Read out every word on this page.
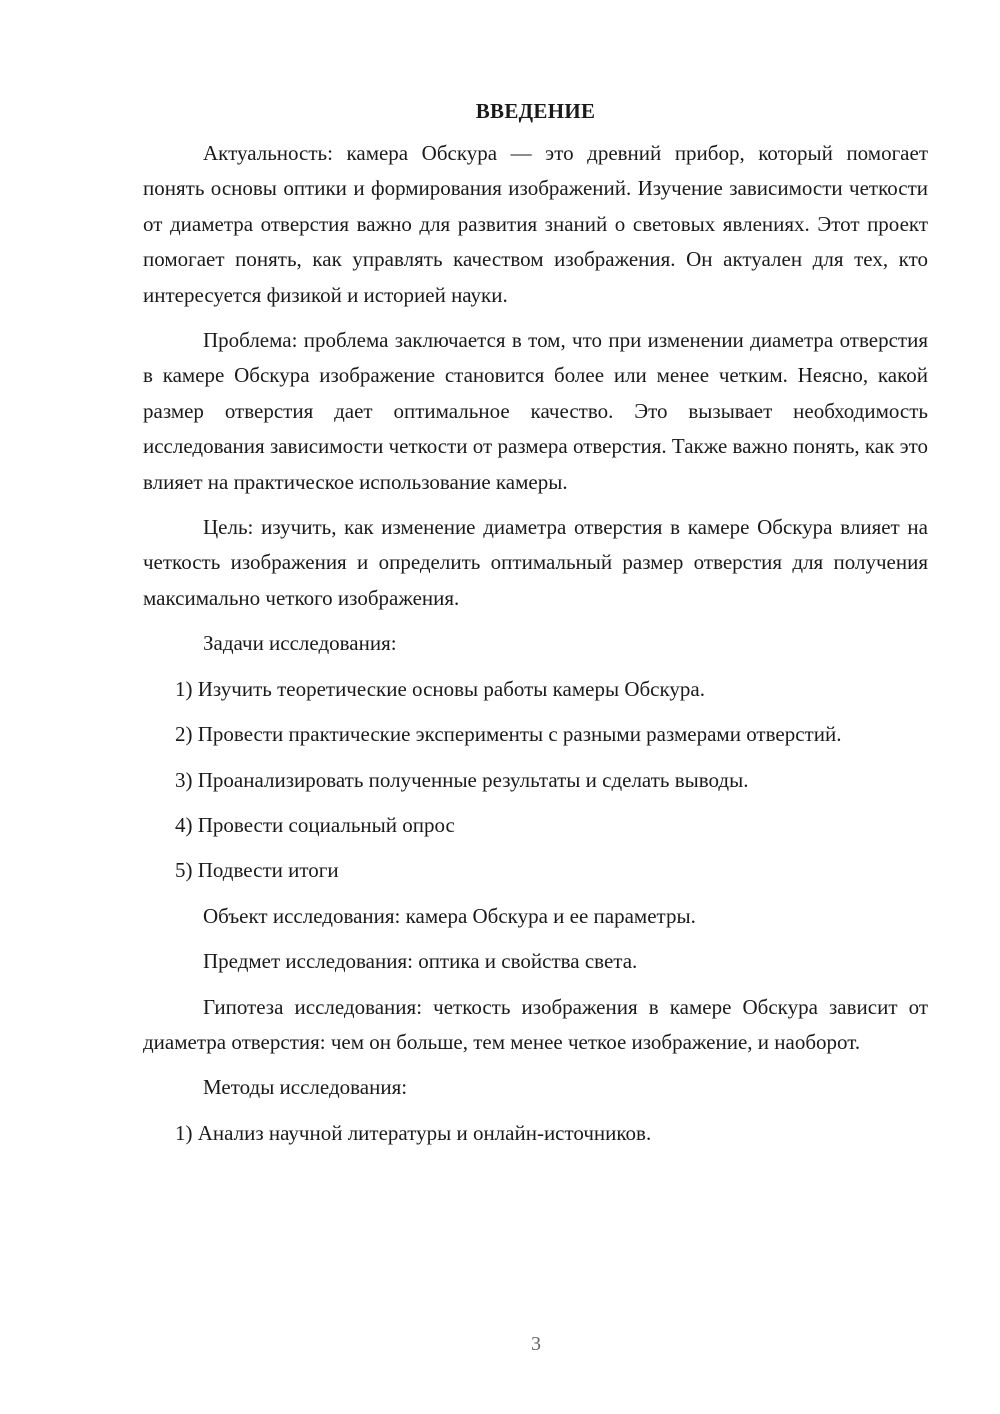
ВВЕДЕНИЕ

Актуальность: камера Обскура — это древний прибор, который помогает понять основы оптики и формирования изображений. Изучение зависимости четкости от диаметра отверстия важно для развития знаний о световых явлениях. Этот проект помогает понять, как управлять качеством изображения. Он актуален для тех, кто интересуется физикой и историей науки.

Проблема: проблема заключается в том, что при изменении диаметра отверстия в камере Обскура изображение становится более или менее четким. Неясно, какой размер отверстия дает оптимальное качество. Это вызывает необходимость исследования зависимости четкости от размера отверстия. Также важно понять, как это влияет на практическое использование камеры.

Цель: изучить, как изменение диаметра отверстия в камере Обскура влияет на четкость изображения и определить оптимальный размер отверстия для получения максимально четкого изображения.

Задачи исследования:

1) Изучить теоретические основы работы камеры Обскура.

2) Провести практические эксперименты с разными размерами отверстий.

3) Проанализировать полученные результаты и сделать выводы.

4) Провести социальный опрос

5) Подвести итоги

Объект исследования: камера Обскура и ее параметры.

Предмет исследования: оптика и свойства света.

Гипотеза исследования: четкость изображения в камере Обскура зависит от диаметра отверстия: чем он больше, тем менее четкое изображение, и наоборот.

Методы исследования:

1) Анализ научной литературы и онлайн-источников.

3
